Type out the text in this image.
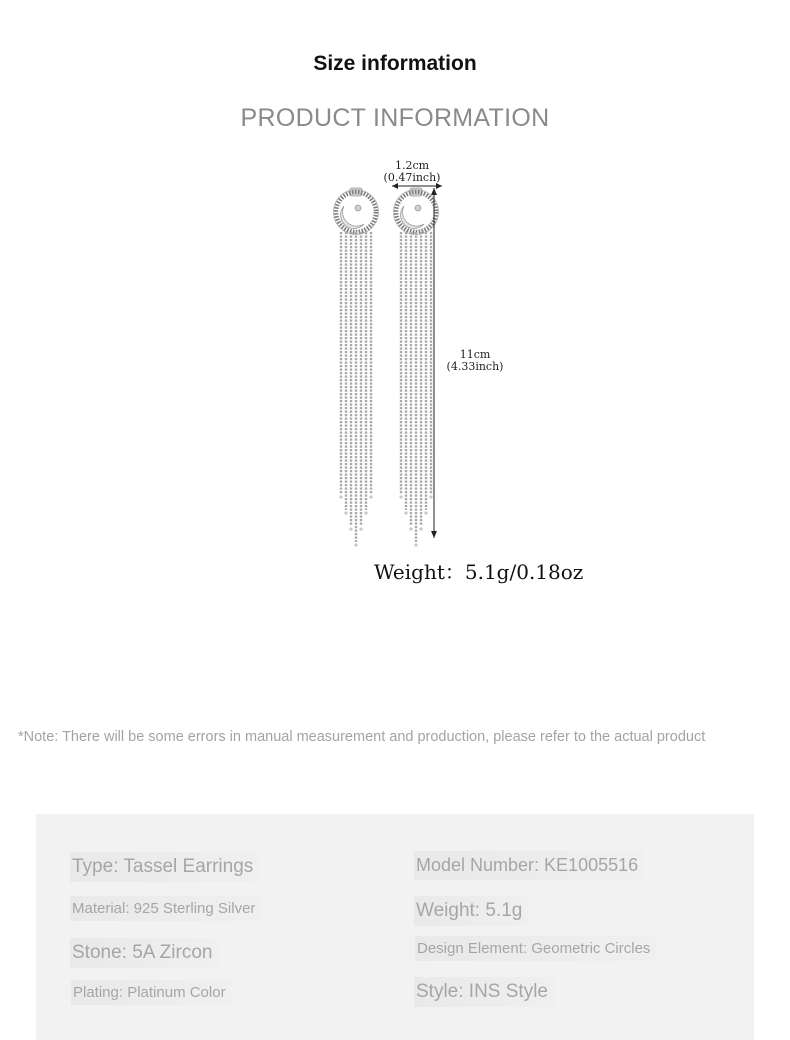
Size information
PRODUCT INFORMATION
1.2cm
(0.47inch)
11cm
(4.33inch)
Weight：5.1g/0.18oz
*Note: There will be some errors in manual measurement and production, please refer to the actual product
Type: Tassel Earrings
Material: 925 Sterling Silver
Stone: 5A Zircon
Plating: Platinum Color
Model Number: KE1005516
Weight: 5.1g
Design Element: Geometric Circles
Style: INS Style
